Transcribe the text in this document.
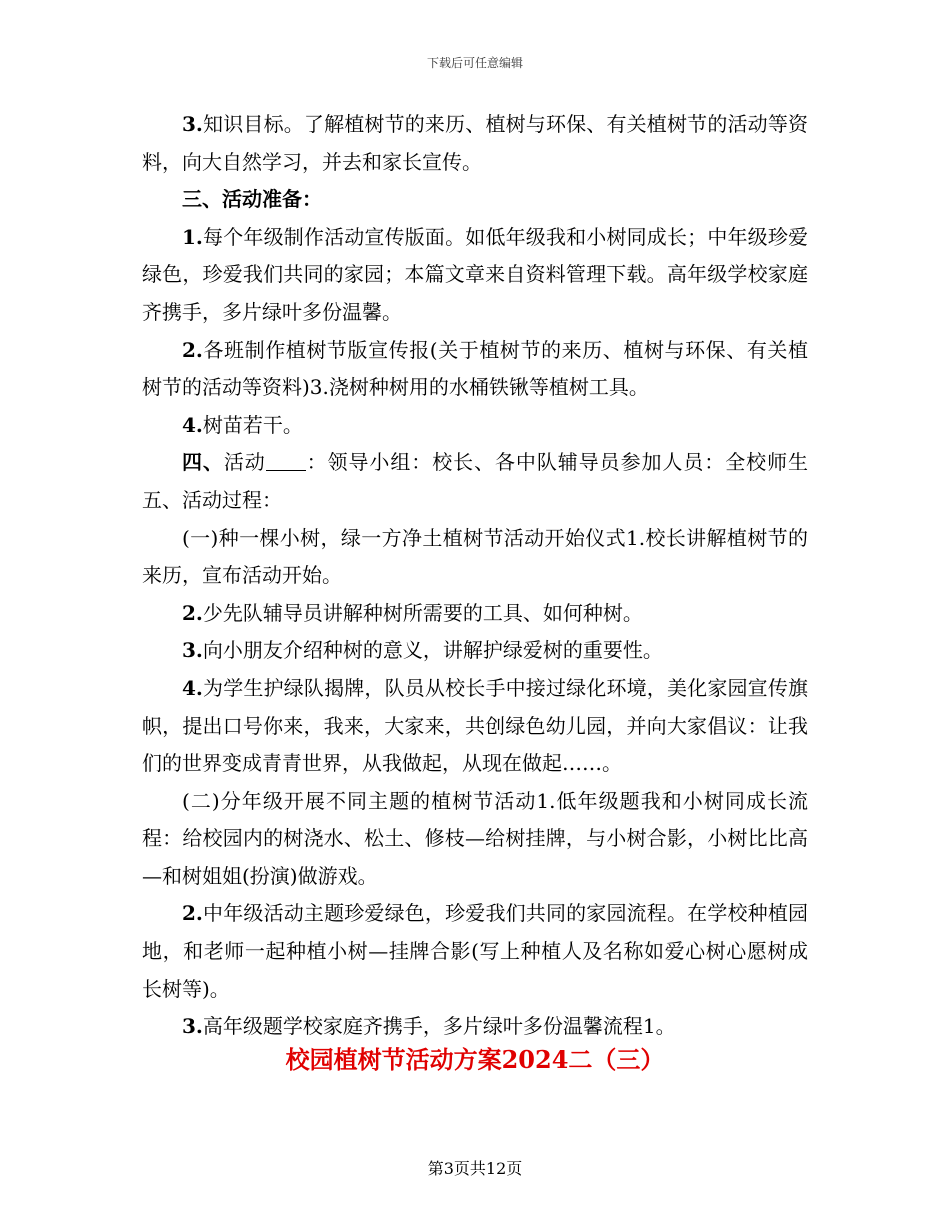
下载后可任意编辑

3.知识目标。了解植树节的来历、植树与环保、有关植树节的活动等资料，向大自然学习，并去和家长宣传。

三、活动准备：

1.每个年级制作活动宣传版面。如低年级我和小树同成长；中年级珍爱绿色，珍爱我们共同的家园；本篇文章来自资料管理下载。高年级学校家庭齐携手，多片绿叶多份温馨。

2.各班制作植树节版宣传报(关于植树节的来历、植树与环保、有关植树节的活动等资料)3.浇树种树用的水桶铁锹等植树工具。

4.树苗若干。

四、活动 ：领导小组：校长、各中队辅导员参加人员：全校师生五、活动过程：

(一)种一棵小树，绿一方净土植树节活动开始仪式1.校长讲解植树节的来历，宣布活动开始。

2.少先队辅导员讲解种树所需要的工具、如何种树。

3.向小朋友介绍种树的意义，讲解护绿爱树的重要性。

4.为学生护绿队揭牌，队员从校长手中接过绿化环境，美化家园宣传旗帜，提出口号你来，我来，大家来，共创绿色幼儿园，并向大家倡议：让我们的世界变成青青世界，从我做起，从现在做起……。

(二)分年级开展不同主题的植树节活动1.低年级题我和小树同成长流程：给校园内的树浇水、松土、修枝—给树挂牌，与小树合影，小树比比高—和树姐姐(扮演)做游戏。

2.中年级活动主题珍爱绿色，珍爱我们共同的家园流程。在学校种植园地，和老师一起种植小树—挂牌合影(写上种植人及名称如爱心树心愿树成长树等)。

3.高年级题学校家庭齐携手，多片绿叶多份温馨流程1。

校园植树节活动方案2024二（三）
第3页共12页
